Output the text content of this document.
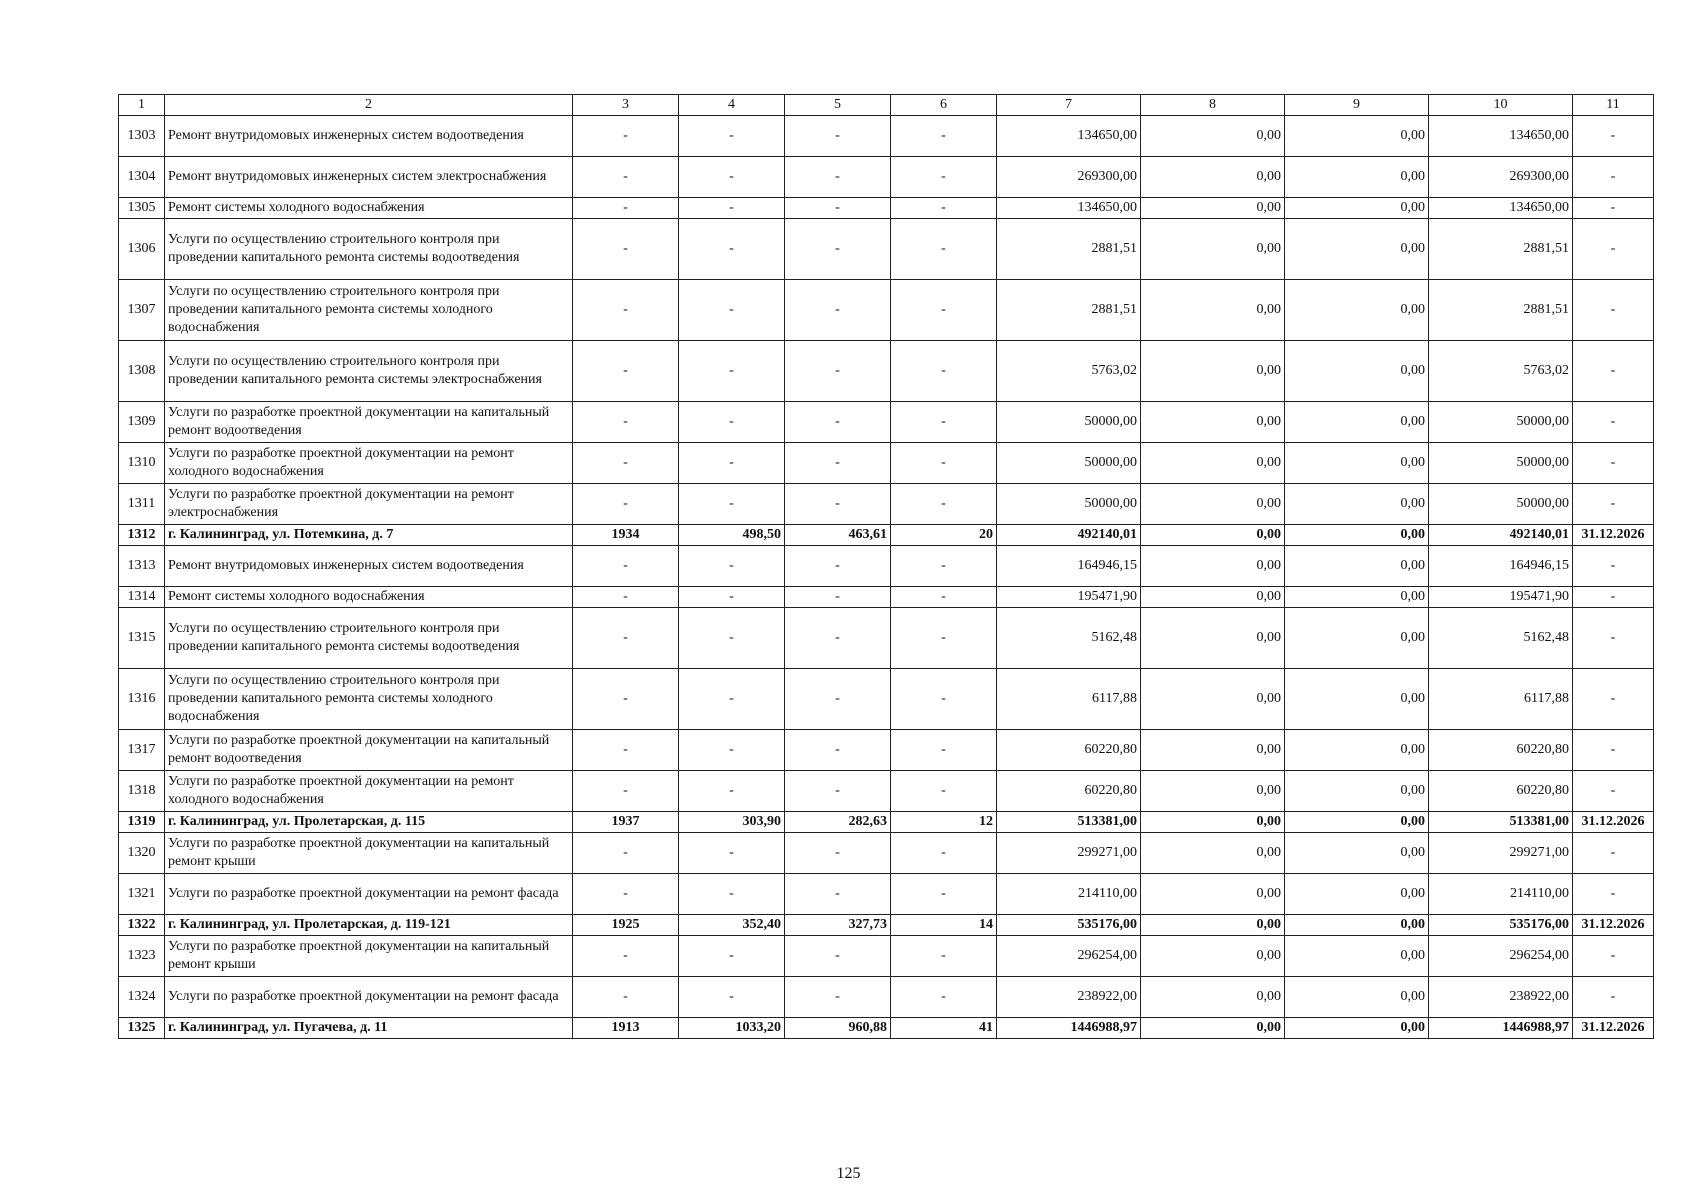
1	2	3	4	5	6	7	8	9	10	11
1303	Ремонт внутридомовых инженерных систем водоотведения	-	-	-	-	134650,00	0,00	0,00	134650,00	-
1304	Ремонт внутридомовых инженерных систем электроснабжения	-	-	-	-	269300,00	0,00	0,00	269300,00	-
1305	Ремонт системы холодного водоснабжения	-	-	-	-	134650,00	0,00	0,00	134650,00	-
1306	Услуги по осуществлению строительного контроля при проведении капитального ремонта системы водоотведения	-	-	-	-	2881,51	0,00	0,00	2881,51	-
1307	Услуги по осуществлению строительного контроля при проведении капитального ремонта системы холодного водоснабжения	-	-	-	-	2881,51	0,00	0,00	2881,51	-
1308	Услуги по осуществлению строительного контроля при проведении капитального ремонта системы электроснабжения	-	-	-	-	5763,02	0,00	0,00	5763,02	-
1309	Услуги по разработке проектной документации на капитальный ремонт водоотведения	-	-	-	-	50000,00	0,00	0,00	50000,00	-
1310	Услуги по разработке проектной документации на ремонт холодного водоснабжения	-	-	-	-	50000,00	0,00	0,00	50000,00	-
1311	Услуги по разработке проектной документации на ремонт электроснабжения	-	-	-	-	50000,00	0,00	0,00	50000,00	-
1312	г. Калининград, ул. Потемкина, д. 7	1934	498,50	463,61	20	492140,01	0,00	0,00	492140,01	31.12.2026
1313	Ремонт внутридомовых инженерных систем водоотведения	-	-	-	-	164946,15	0,00	0,00	164946,15	-
1314	Ремонт системы холодного водоснабжения	-	-	-	-	195471,90	0,00	0,00	195471,90	-
1315	Услуги по осуществлению строительного контроля при проведении капитального ремонта системы водоотведения	-	-	-	-	5162,48	0,00	0,00	5162,48	-
1316	Услуги по осуществлению строительного контроля при проведении капитального ремонта системы холодного водоснабжения	-	-	-	-	6117,88	0,00	0,00	6117,88	-
1317	Услуги по разработке проектной документации на капитальный ремонт водоотведения	-	-	-	-	60220,80	0,00	0,00	60220,80	-
1318	Услуги по разработке проектной документации на ремонт холодного водоснабжения	-	-	-	-	60220,80	0,00	0,00	60220,80	-
1319	г. Калининград, ул. Пролетарская, д. 115	1937	303,90	282,63	12	513381,00	0,00	0,00	513381,00	31.12.2026
1320	Услуги по разработке проектной документации на капитальный ремонт крыши	-	-	-	-	299271,00	0,00	0,00	299271,00	-
1321	Услуги по разработке проектной документации на ремонт фасада	-	-	-	-	214110,00	0,00	0,00	214110,00	-
1322	г. Калининград, ул. Пролетарская, д. 119-121	1925	352,40	327,73	14	535176,00	0,00	0,00	535176,00	31.12.2026
1323	Услуги по разработке проектной документации на капитальный ремонт крыши	-	-	-	-	296254,00	0,00	0,00	296254,00	-
1324	Услуги по разработке проектной документации на ремонт фасада	-	-	-	-	238922,00	0,00	0,00	238922,00	-
1325	г. Калининград, ул. Пугачева, д. 11	1913	1033,20	960,88	41	1446988,97	0,00	0,00	1446988,97	31.12.2026
125
